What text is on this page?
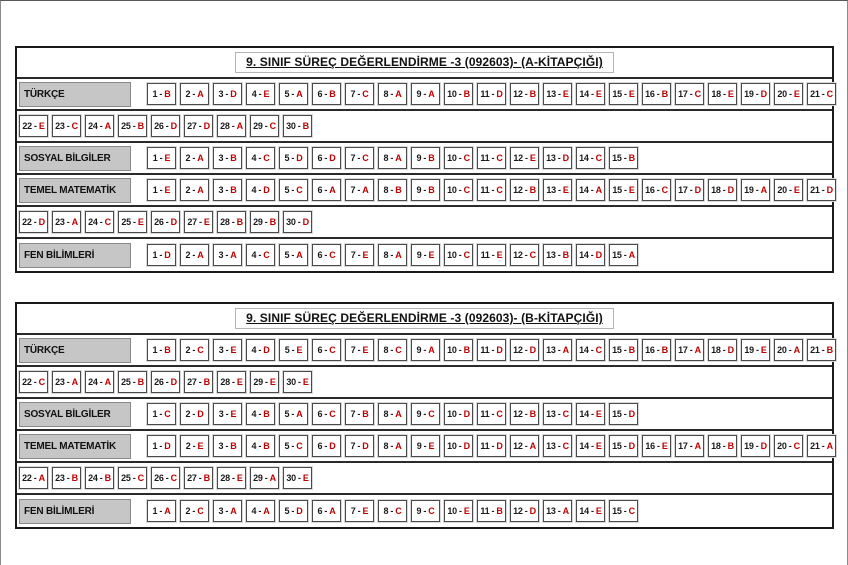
9. SINIF SÜREÇ DEĞERLENDİRME -3 (092603)- (A-KİTAPÇIĞI)
TÜRKÇE	1 - B 2 - A 3 - D 4 - E 5 - A 6 - B 7 - C 8 - A 9 - A 10 - B 11 - D 12 - B 13 - E 14 - E 15 - E 16 - B 17 - C 18 - E 19 - D 20 - E 21 - C
22 - E 23 - C 24 - A 25 - B 26 - D 27 - D 28 - A 29 - C 30 - B
SOSYAL BİLGİLER	1 - E 2 - A 3 - B 4 - C 5 - D 6 - D 7 - C 8 - A 9 - B 10 - C 11 - C 12 - E 13 - D 14 - C 15 - B
TEMEL MATEMATİK	1 - E 2 - A 3 - B 4 - D 5 - C 6 - A 7 - A 8 - B 9 - B 10 - C 11 - C 12 - B 13 - E 14 - A 15 - E 16 - C 17 - D 18 - D 19 - A 20 - E 21 - D
22 - D 23 - A 24 - C 25 - E 26 - D 27 - E 28 - B 29 - B 30 - D
FEN BİLİMLERİ	1 - D 2 - A 3 - A 4 - C 5 - A 6 - C 7 - E 8 - A 9 - E 10 - C 11 - E 12 - C 13 - B 14 - D 15 - A
9. SINIF SÜREÇ DEĞERLENDİRME -3 (092603)- (B-KİTAPÇIĞI)
TÜRKÇE	1 - B 2 - C 3 - E 4 - D 5 - E 6 - C 7 - E 8 - C 9 - A 10 - B 11 - D 12 - D 13 - A 14 - C 15 - B 16 - B 17 - A 18 - D 19 - E 20 - A 21 - B
22 - C 23 - A 24 - A 25 - B 26 - D 27 - B 28 - E 29 - E 30 - E
SOSYAL BİLGİLER	1 - C 2 - D 3 - E 4 - B 5 - A 6 - C 7 - B 8 - A 9 - C 10 - D 11 - C 12 - B 13 - C 14 - E 15 - D
TEMEL MATEMATİK	1 - D 2 - E 3 - B 4 - B 5 - C 6 - D 7 - D 8 - A 9 - E 10 - D 11 - D 12 - A 13 - C 14 - E 15 - D 16 - E 17 - A 18 - B 19 - D 20 - C 21 - A
22 - A 23 - B 24 - B 25 - C 26 - C 27 - B 28 - E 29 - A 30 - E
FEN BİLİMLERİ	1 - A 2 - C 3 - A 4 - A 5 - D 6 - A 7 - E 8 - C 9 - C 10 - E 11 - B 12 - D 13 - A 14 - E 15 - C
